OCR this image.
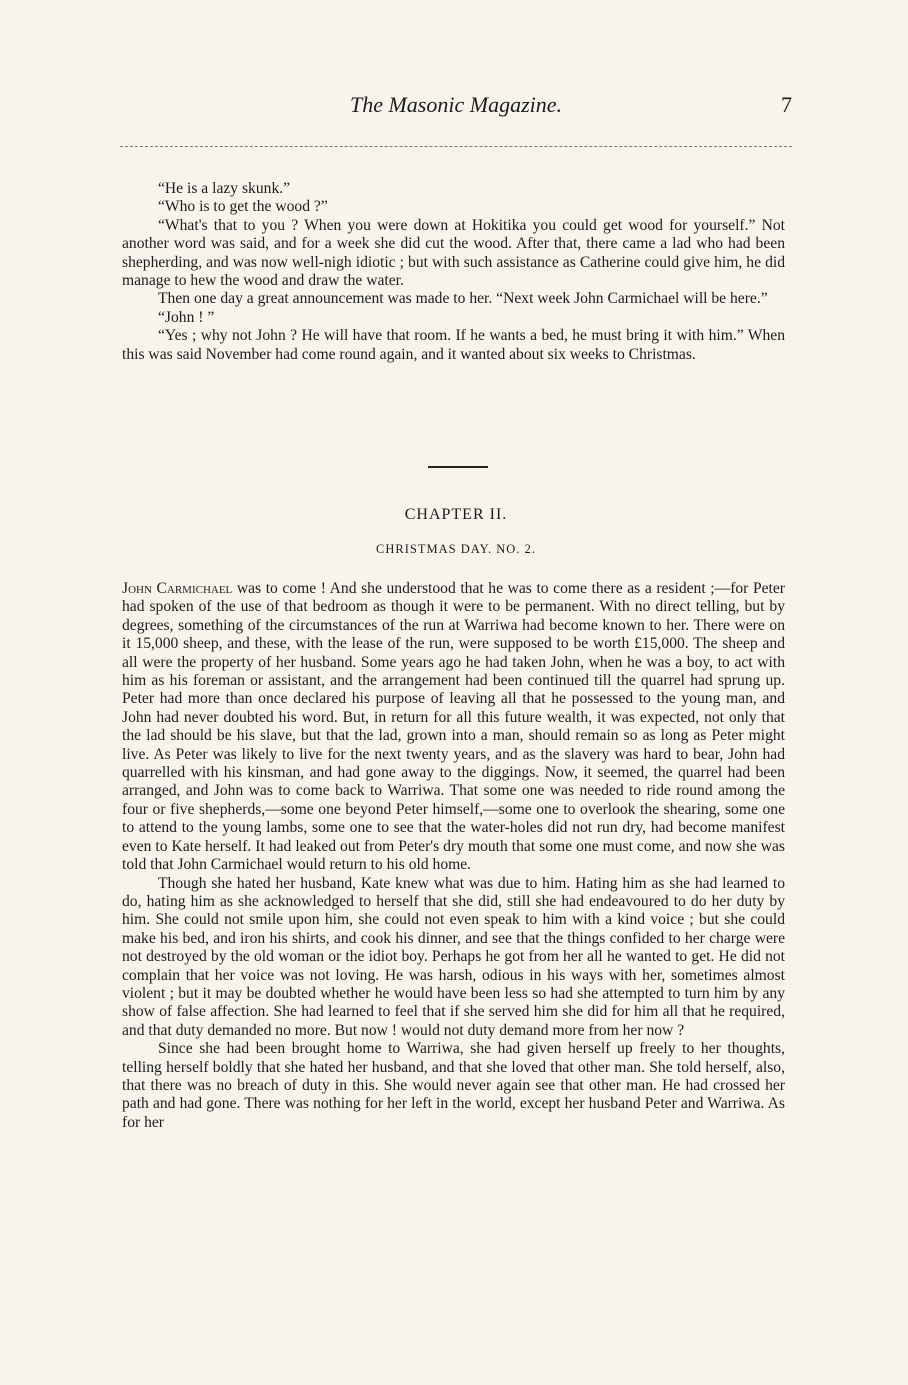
The Masonic Magazine.	7

“He is a lazy skunk.”

“Who is to get the wood ?”

“What's that to you ? When you were down at Hokitika you could get wood for yourself.” Not another word was said, and for a week she did cut the wood. After that, there came a lad who had been shepherding, and was now well-nigh idiotic ; but with such assistance as Catherine could give him, he did manage to hew the wood and draw the water.

Then one day a great announcement was made to her. “Next week John Carmichael will be here.”

“John ! ”

“Yes ; why not John ? He will have that room. If he wants a bed, he must bring it with him.” When this was said November had come round again, and it wanted about six weeks to Christmas.

CHAPTER II.
CHRISTMAS DAY. NO. 2.

John Carmichael was to come ! And she understood that he was to come there as a resident ;—for Peter had spoken of the use of that bedroom as though it were to be permanent. With no direct telling, but by degrees, something of the circumstances of the run at Warriwa had become known to her. There were on it 15,000 sheep, and these, with the lease of the run, were supposed to be worth £15,000. The sheep and all were the property of her husband. Some years ago he had taken John, when he was a boy, to act with him as his foreman or assistant, and the arrangement had been continued till the quarrel had sprung up. Peter had more than once declared his purpose of leaving all that he possessed to the young man, and John had never doubted his word. But, in return for all this future wealth, it was expected, not only that the lad should be his slave, but that the lad, grown into a man, should remain so as long as Peter might live. As Peter was likely to live for the next twenty years, and as the slavery was hard to bear, John had quarrelled with his kinsman, and had gone away to the diggings. Now, it seemed, the quarrel had been arranged, and John was to come back to Warriwa. That some one was needed to ride round among the four or five shepherds,—some one beyond Peter himself,—some one to overlook the shearing, some one to attend to the young lambs, some one to see that the water-holes did not run dry, had become manifest even to Kate herself. It had leaked out from Peter's dry mouth that some one must come, and now she was told that John Carmichael would return to his old home.

Though she hated her husband, Kate knew what was due to him. Hating him as she had learned to do, hating him as she acknowledged to herself that she did, still she had endeavoured to do her duty by him. She could not smile upon him, she could not even speak to him with a kind voice ; but she could make his bed, and iron his shirts, and cook his dinner, and see that the things confided to her charge were not destroyed by the old woman or the idiot boy. Perhaps he got from her all he wanted to get. He did not complain that her voice was not loving. He was harsh, odious in his ways with her, sometimes almost violent ; but it may be doubted whether he would have been less so had she attempted to turn him by any show of false affection. She had learned to feel that if she served him she did for him all that he required, and that duty demanded no more. But now ! would not duty demand more from her now ?

Since she had been brought home to Warriwa, she had given herself up freely to her thoughts, telling herself boldly that she hated her husband, and that she loved that other man. She told herself, also, that there was no breach of duty in this. She would never again see that other man. He had crossed her path and had gone. There was nothing for her left in the world, except her husband Peter and Warriwa. As for her
